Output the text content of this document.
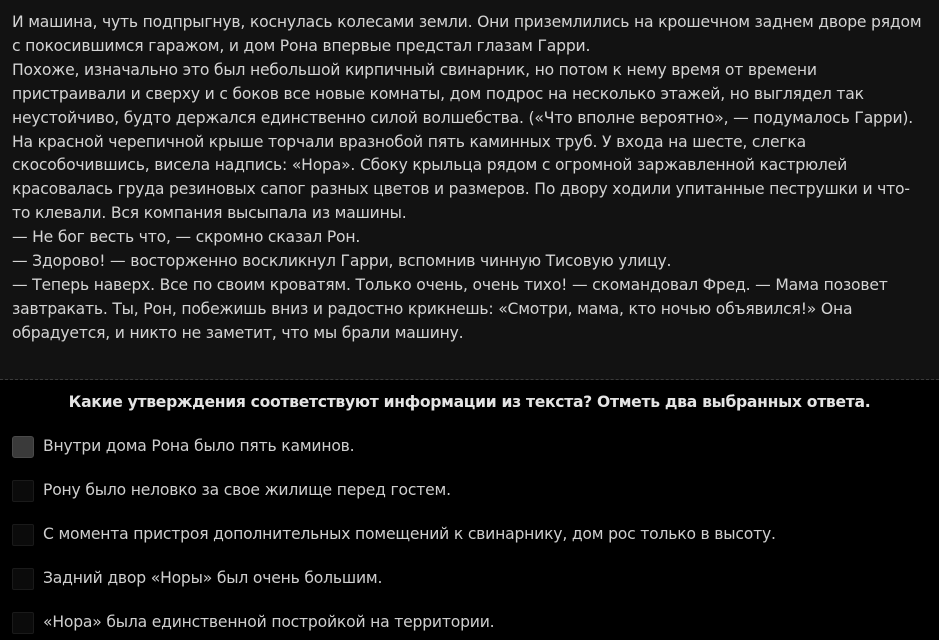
И машина, чуть подпрыгнув, коснулась колесами земли. Они приземлились на крошечном заднем дворе рядом с покосившимся гаражом, и дом Рона впервые предстал глазам Гарри.

Похоже, изначально это был небольшой кирпичный свинарник, но потом к нему время от времени пристраивали и сверху и с боков все новые комнаты, дом подрос на несколько этажей, но выглядел так неустойчиво, будто держался единственно силой волшебства. («Что вполне вероятно», — подумалось Гарри).

На красной черепичной крыше торчали вразнобой пять каминных труб. У входа на шесте, слегка скособочившись, висела надпись: «Нора». Сбоку крыльца рядом с огромной заржавленной кастрюлей красовалась груда резиновых сапог разных цветов и размеров. По двору ходили упитанные пеструшки и что-то клевали. Вся компания высыпала из машины.

— Не бог весть что, — скромно сказал Рон.

— Здорово! — восторженно воскликнул Гарри, вспомнив чинную Тисовую улицу.

— Теперь наверх. Все по своим кроватям. Только очень, очень тихо! — скомандовал Фред. — Мама позовет завтракать. Ты, Рон, побежишь вниз и радостно крикнешь: «Смотри, мама, кто ночью объявился!» Она обрадуется, и никто не заметит, что мы брали машину.

Какие утверждения соответствуют информации из текста? Отметь два выбранных ответа.
Внутри дома Рона было пять каминов.
Рону было неловко за свое жилище перед гостем.
С момента пристроя дополнительных помещений к свинарнику, дом рос только в высоту.
Задний двор «Норы» был очень большим.
«Нора» была единственной постройкой на территории.
